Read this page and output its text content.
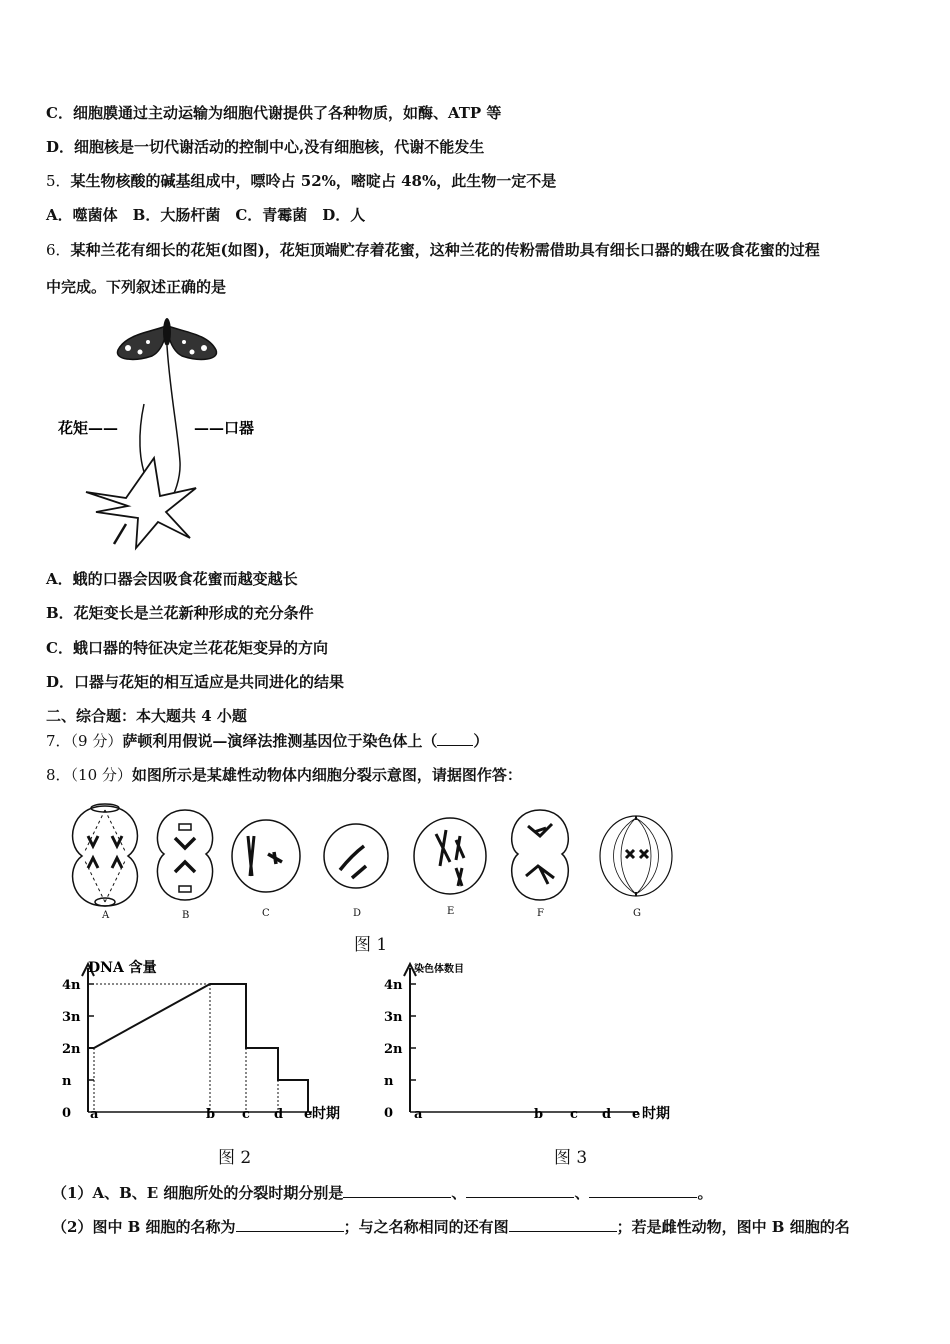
C．细胞膜通过主动运输为细胞代谢提供了各种物质，如酶、ATP 等
D．细胞核是一切代谢活动的控制中心,没有细胞核，代谢不能发生
5．某生物核酸的碱基组成中，嘌呤占 52%，嘧啶占 48%，此生物一定不是
A．噬菌体　B．大肠杆菌　C．青霉菌　D．人
6．某种兰花有细长的花矩(如图)，花矩顶端贮存着花蜜，这种兰花的传粉需借助具有细长口器的蛾在吸食花蜜的过程
中完成。下列叙述正确的是
花矩——	——口器
A．蛾的口器会因吸食花蜜而越变越长
B．花矩变长是兰花新种形成的充分条件
C．蛾口器的特征决定兰花花矩变异的方向
D．口器与花矩的相互适应是共同进化的结果
二、综合题：本大题共 4 小题
7．（9 分）萨顿利用假说—演绎法推测基因位于染色体上（ ）
8．（10 分）如图所示是某雄性动物体内细胞分裂示意图，请据图作答：
A	B	C	D	E	F	G
图 1
DNA 含量
4n
3n
2n
n
0 a	b c d e 时期
图 2
染色体数目
4n
3n
2n
n
0 a	b c d e 时期
图 3
（1）A、B、E 细胞所处的分裂时期分别是	、	、	。
（2）图中 B 细胞的名称为	；与之名称相同的还有图	；若是雌性动物，图中 B 细胞的名
